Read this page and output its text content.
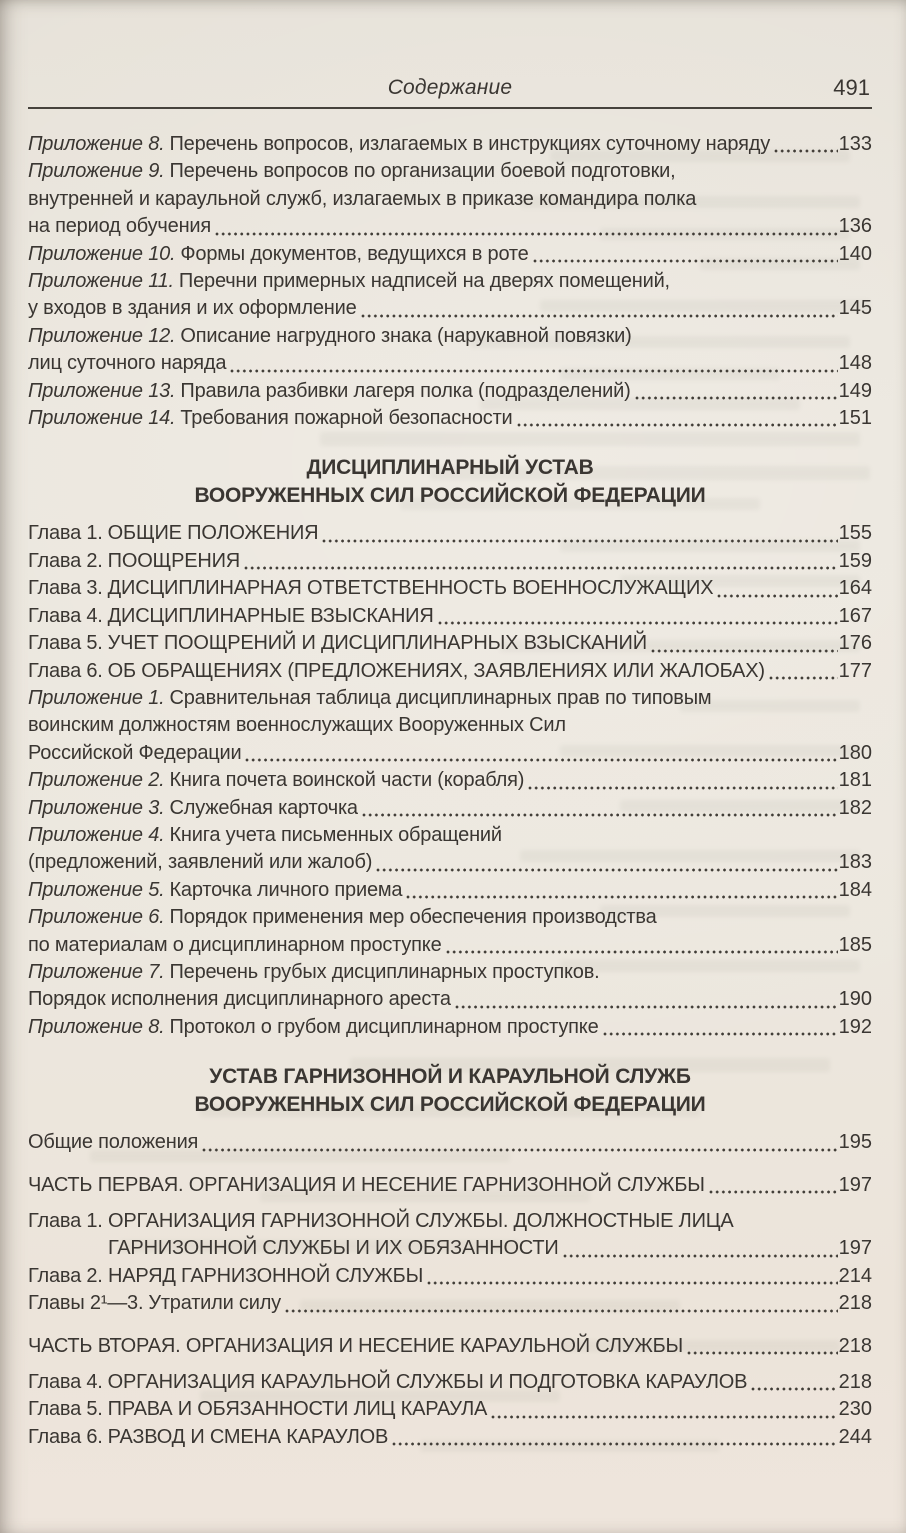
Содержание	491
Приложение 8. Перечень вопросов, излагаемых в инструкциях суточному наряду	133
Приложение 9. Перечень вопросов по организации боевой подготовки,
внутренней и караульной служб, излагаемых в приказе командира полка
на период обучения	136
Приложение 10. Формы документов, ведущихся в роте	140
Приложение 11. Перечни примерных надписей на дверях помещений,
у входов в здания и их оформление	145
Приложение 12. Описание нагрудного знака (нарукавной повязки)
лиц суточного наряда	148
Приложение 13. Правила разбивки лагеря полка (подразделений)	149
Приложение 14. Требования пожарной безопасности	151
ДИСЦИПЛИНАРНЫЙ УСТАВ
ВООРУЖЕННЫХ СИЛ РОССИЙСКОЙ ФЕДЕРАЦИИ
Глава 1. ОБЩИЕ ПОЛОЖЕНИЯ	155
Глава 2. ПООЩРЕНИЯ	159
Глава 3. ДИСЦИПЛИНАРНАЯ ОТВЕТСТВЕННОСТЬ ВОЕННОСЛУЖАЩИХ	164
Глава 4. ДИСЦИПЛИНАРНЫЕ ВЗЫСКАНИЯ	167
Глава 5. УЧЕТ ПООЩРЕНИЙ И ДИСЦИПЛИНАРНЫХ ВЗЫСКАНИЙ	176
Глава 6. ОБ ОБРАЩЕНИЯХ (ПРЕДЛОЖЕНИЯХ, ЗАЯВЛЕНИЯХ ИЛИ ЖАЛОБАХ)	177
Приложение 1. Сравнительная таблица дисциплинарных прав по типовым
воинским должностям военнослужащих Вооруженных Сил
Российской Федерации	180
Приложение 2. Книга почета воинской части (корабля)	181
Приложение 3. Служебная карточка	182
Приложение 4. Книга учета письменных обращений
(предложений, заявлений или жалоб)	183
Приложение 5. Карточка личного приема	184
Приложение 6. Порядок применения мер обеспечения производства
по материалам о дисциплинарном проступке	185
Приложение 7. Перечень грубых дисциплинарных проступков.
Порядок исполнения дисциплинарного ареста	190
Приложение 8. Протокол о грубом дисциплинарном проступке	192
УСТАВ ГАРНИЗОННОЙ И КАРАУЛЬНОЙ СЛУЖБ
ВООРУЖЕННЫХ СИЛ РОССИЙСКОЙ ФЕДЕРАЦИИ
Общие положения	195
ЧАСТЬ ПЕРВАЯ. ОРГАНИЗАЦИЯ И НЕСЕНИЕ ГАРНИЗОННОЙ СЛУЖБЫ	197
Глава 1. ОРГАНИЗАЦИЯ ГАРНИЗОННОЙ СЛУЖБЫ. ДОЛЖНОСТНЫЕ ЛИЦА
ГАРНИЗОННОЙ СЛУЖБЫ И ИХ ОБЯЗАННОСТИ	197
Глава 2. НАРЯД ГАРНИЗОННОЙ СЛУЖБЫ	214
Главы 2¹—3. Утратили силу	218
ЧАСТЬ ВТОРАЯ. ОРГАНИЗАЦИЯ И НЕСЕНИЕ КАРАУЛЬНОЙ СЛУЖБЫ	218
Глава 4. ОРГАНИЗАЦИЯ КАРАУЛЬНОЙ СЛУЖБЫ И ПОДГОТОВКА КАРАУЛОВ	218
Глава 5. ПРАВА И ОБЯЗАННОСТИ ЛИЦ КАРАУЛА	230
Глава 6. РАЗВОД И СМЕНА КАРАУЛОВ	244
